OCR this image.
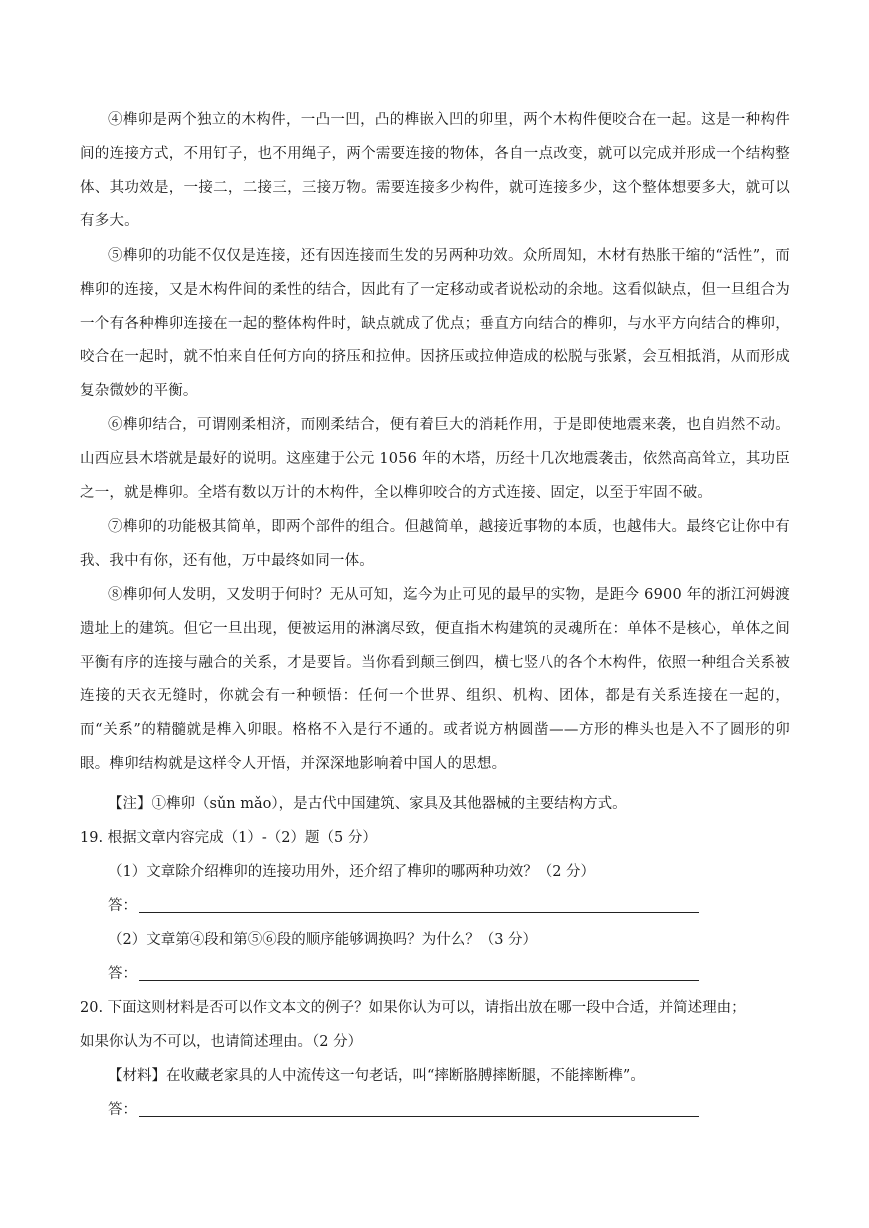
④榫卯是两个独立的木构件，一凸一凹，凸的榫嵌入凹的卯里，两个木构件便咬合在一起。这是一种构件间的连接方式，不用钉子，也不用绳子，两个需要连接的物体，各自一点改变，就可以完成并形成一个结构整体、其功效是，一接二，二接三，三接万物。需要连接多少构件，就可连接多少，这个整体想要多大，就可以有多大。
⑤榫卯的功能不仅仅是连接，还有因连接而生发的另两种功效。众所周知，木材有热胀干缩的“活性”，而榫卯的连接，又是木构件间的柔性的结合，因此有了一定移动或者说松动的余地。这看似缺点，但一旦组合为一个有各种榫卯连接在一起的整体构件时，缺点就成了优点；垂直方向结合的榫卯，与水平方向结合的榫卯，咬合在一起时，就不怕来自任何方向的挤压和拉伸。因挤压或拉伸造成的松脱与张紧，会互相抵消，从而形成复杂微妙的平衡。
⑥榫卯结合，可谓刚柔相济，而刚柔结合，便有着巨大的消耗作用，于是即使地震来袭，也自岿然不动。山西应县木塔就是最好的说明。这座建于公元 1056 年的木塔，历经十几次地震袭击，依然高高耸立，其功臣之一，就是榫卯。全塔有数以万计的木构件，全以榫卯咬合的方式连接、固定，以至于牢固不破。
⑦榫卯的功能极其简单，即两个部件的组合。但越简单，越接近事物的本质，也越伟大。最终它让你中有我、我中有你，还有他，万中最终如同一体。
⑧榫卯何人发明，又发明于何时？无从可知，迄今为止可见的最早的实物，是距今 6900 年的浙江河姆渡遗址上的建筑。但它一旦出现，便被运用的淋漓尽致，便直指木构建筑的灵魂所在：单体不是核心，单体之间平衡有序的连接与融合的关系，才是要旨。当你看到颠三倒四，横七竖八的各个木构件，依照一种组合关系被连接的天衣无缝时，你就会有一种顿悟：任何一个世界、组织、机构、团体，都是有关系连接在一起的，而“关系”的精髓就是榫入卯眼。格格不入是行不通的。或者说方枘圆凿——方形的榫头也是入不了圆形的卯眼。榫卯结构就是这样令人开悟，并深深地影响着中国人的思想。
【注】①榫卯（sǔn mǎo），是古代中国建筑、家具及其他器械的主要结构方式。
19. 根据文章内容完成（1）-（2）题（5 分）
（1）文章除介绍榫卯的连接功用外，还介绍了榫卯的哪两种功效？（2 分）
答：
（2）文章第④段和第⑤⑥段的顺序能够调换吗？为什么？（3 分）
答：
20. 下面这则材料是否可以作文本文的例子？如果你认为可以，请指出放在哪一段中合适，并简述理由；
如果你认为不可以，也请简述理由。（2 分）
【材料】在收藏老家具的人中流传这一句老话，叫“摔断胳膊摔断腿，不能摔断榫”。
答：
